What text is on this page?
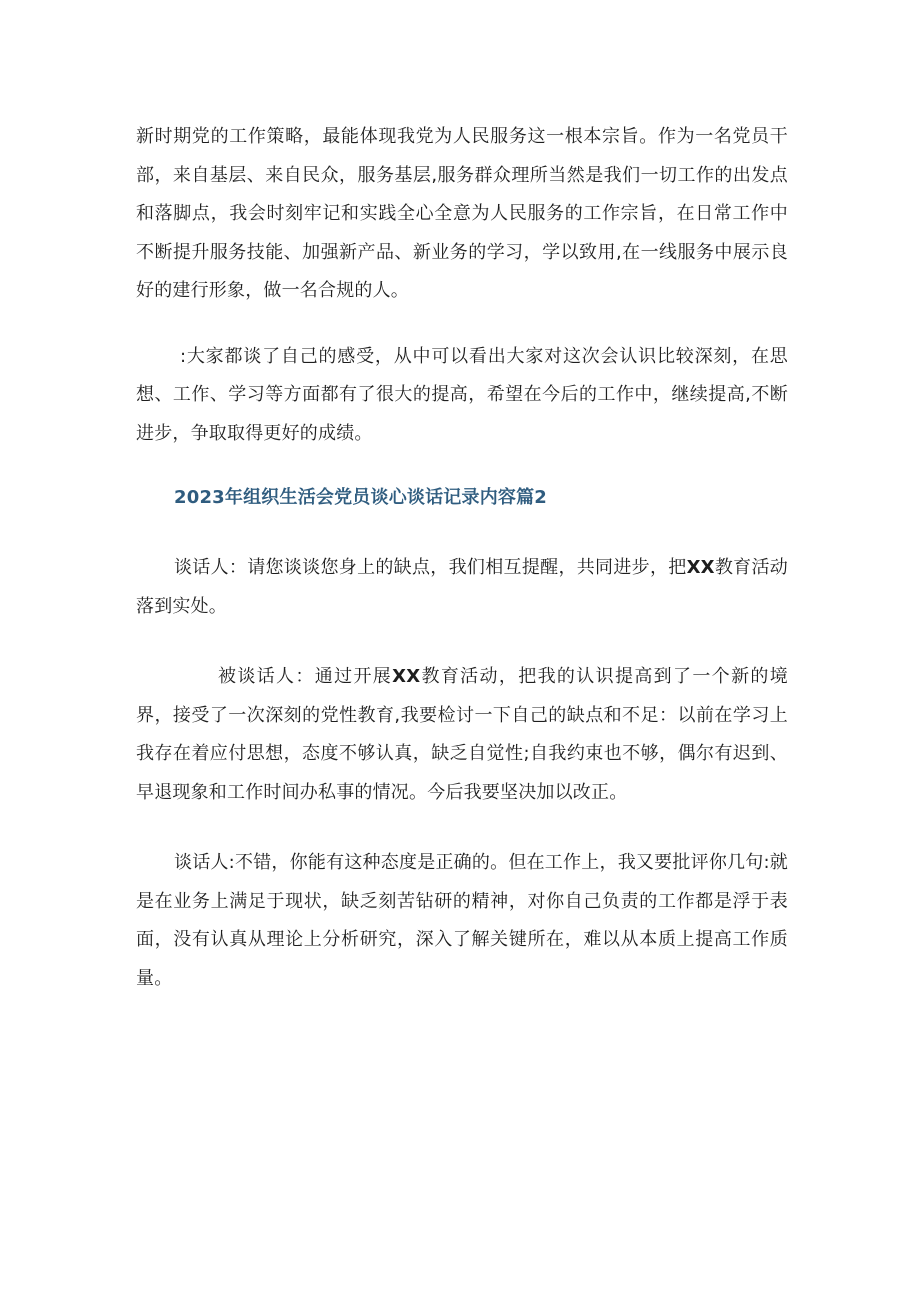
新时期党的工作策略，最能体现我党为人民服务这一根本宗旨。作为一名党员干部，来自基层、来自民众，服务基层,服务群众理所当然是我们一切工作的出发点和落脚点，我会时刻牢记和实践全心全意为人民服务的工作宗旨，在日常工作中不断提升服务技能、加强新产品、新业务的学习，学以致用,在一线服务中展示良好的建行形象，做一名合规的人。

:大家都谈了自己的感受，从中可以看出大家对这次会认识比较深刻，在思想、工作、学习等方面都有了很大的提高，希望在今后的工作中，继续提高,不断进步，争取取得更好的成绩。

2023年组织生活会党员谈心谈话记录内容篇2

谈话人：请您谈谈您身上的缺点，我们相互提醒，共同进步，把XX教育活动落到实处。

被谈话人：通过开展XX教育活动，把我的认识提高到了一个新的境界，接受了一次深刻的党性教育,我要检讨一下自己的缺点和不足：以前在学习上我存在着应付思想，态度不够认真，缺乏自觉性;自我约束也不够，偶尔有迟到、早退现象和工作时间办私事的情况。今后我要坚决加以改正。

谈话人:不错，你能有这种态度是正确的。但在工作上，我又要批评你几句:就是在业务上满足于现状，缺乏刻苦钻研的精神，对你自己负责的工作都是浮于表面，没有认真从理论上分析研究，深入了解关键所在，难以从本质上提高工作质量。
